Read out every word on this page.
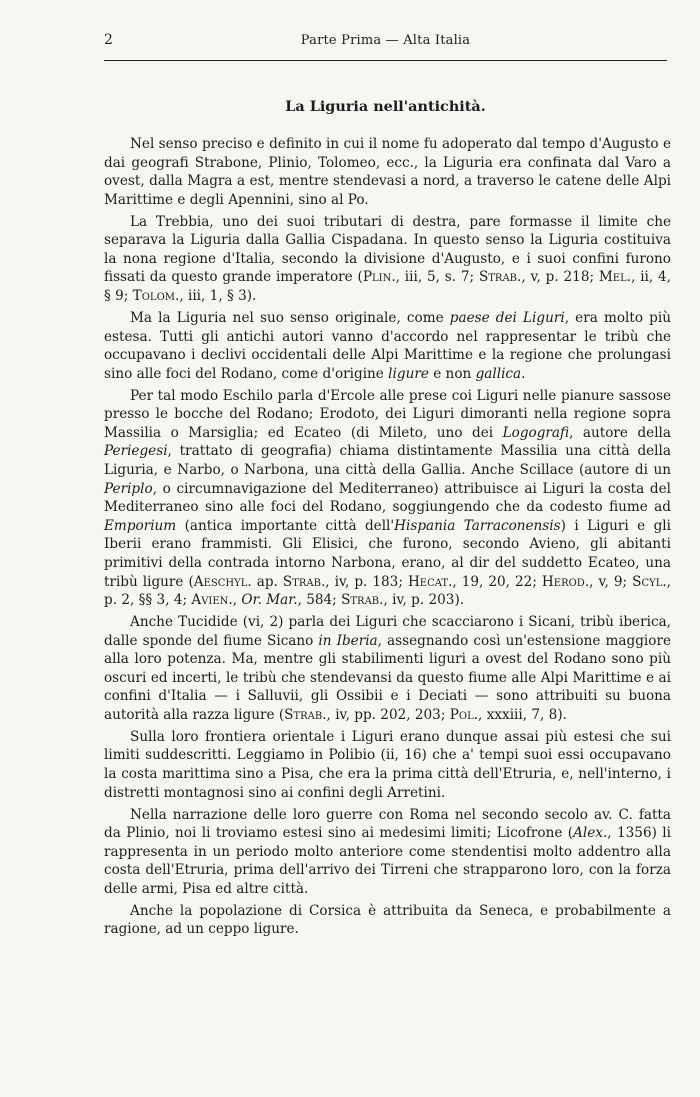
2	Parte Prima — Alta Italia
La Liguria nell'antichità.

Nel senso preciso e definito in cui il nome fu adoperato dal tempo d'Augusto e dai geografi Strabone, Plinio, Tolomeo, ecc., la Liguria era confinata dal Varo a ovest, dalla Magra a est, mentre stendevasi a nord, a traverso le catene delle Alpi Marittime e degli Apennini, sino al Po.

La Trebbia, uno dei suoi tributari di destra, pare formasse il limite che separava la Liguria dalla Gallia Cispadana. In questo senso la Liguria costituiva la nona regione d'Italia, secondo la divisione d'Augusto, e i suoi confini furono fissati da questo grande imperatore (Plin., iii, 5, s. 7; Strab., v, p. 218; Mel., ii, 4, § 9; Tolom., iii, 1, § 3).

Ma la Liguria nel suo senso originale, come paese dei Liguri, era molto più estesa. Tutti gli antichi autori vanno d'accordo nel rappresentar le tribù che occupavano i declivi occidentali delle Alpi Marittime e la regione che prolungasi sino alle foci del Rodano, come d'origine ligure e non gallica.

Per tal modo Eschilo parla d'Ercole alle prese coi Liguri nelle pianure sassose presso le bocche del Rodano; Erodoto, dei Liguri dimoranti nella regione sopra Massilia o Marsiglia; ed Ecateo (di Mileto, uno dei Logografi, autore della Periegesi, trattato di geografia) chiama distintamente Massilia una città della Liguria, e Narbo, o Narbona, una città della Gallia. Anche Scillace (autore di un Periplo, o circumnavigazione del Mediterraneo) attribuisce ai Liguri la costa del Mediterraneo sino alle foci del Rodano, soggiungendo che da codesto fiume ad Emporium (antica importante città dell'Hispania Tarraconensis) i Liguri e gli Iberii erano frammisti. Gli Elisici, che furono, secondo Avieno, gli abitanti primitivi della contrada intorno Narbona, erano, al dir del suddetto Ecateo, una tribù ligure (Aeschyl. ap. Strab., iv, p. 183; Hecat., 19, 20, 22; Herod., v, 9; Scyl., p. 2, §§ 3, 4; Avien., Or. Mar., 584; Strab., iv, p. 203).

Anche Tucidide (vi, 2) parla dei Liguri che scacciarono i Sicani, tribù iberica, dalle sponde del fiume Sicano in Iberia, assegnando così un'estensione maggiore alla loro potenza. Ma, mentre gli stabilimenti liguri a ovest del Rodano sono più oscuri ed incerti, le tribù che stendevansi da questo fiume alle Alpi Marittime e ai confini d'Italia — i Salluvii, gli Ossibii e i Deciati — sono attribuiti su buona autorità alla razza ligure (Strab., iv, pp. 202, 203; Pol., xxxiii, 7, 8).

Sulla loro frontiera orientale i Liguri erano dunque assai più estesi che sui limiti suddescritti. Leggiamo in Polibio (ii, 16) che a' tempi suoi essi occupavano la costa marittima sino a Pisa, che era la prima città dell'Etruria, e, nell'interno, i distretti montagnosi sino ai confini degli Arretini.

Nella narrazione delle loro guerre con Roma nel secondo secolo av. C. fatta da Plinio, noi li troviamo estesi sino ai medesimi limiti; Licofrone (Alex., 1356) li rappresenta in un periodo molto anteriore come stendentisi molto addentro alla costa dell'Etruria, prima dell'arrivo dei Tirreni che strapparono loro, con la forza delle armi, Pisa ed altre città.

Anche la popolazione di Corsica è attribuita da Seneca, e probabilmente a ragione, ad un ceppo ligure.
